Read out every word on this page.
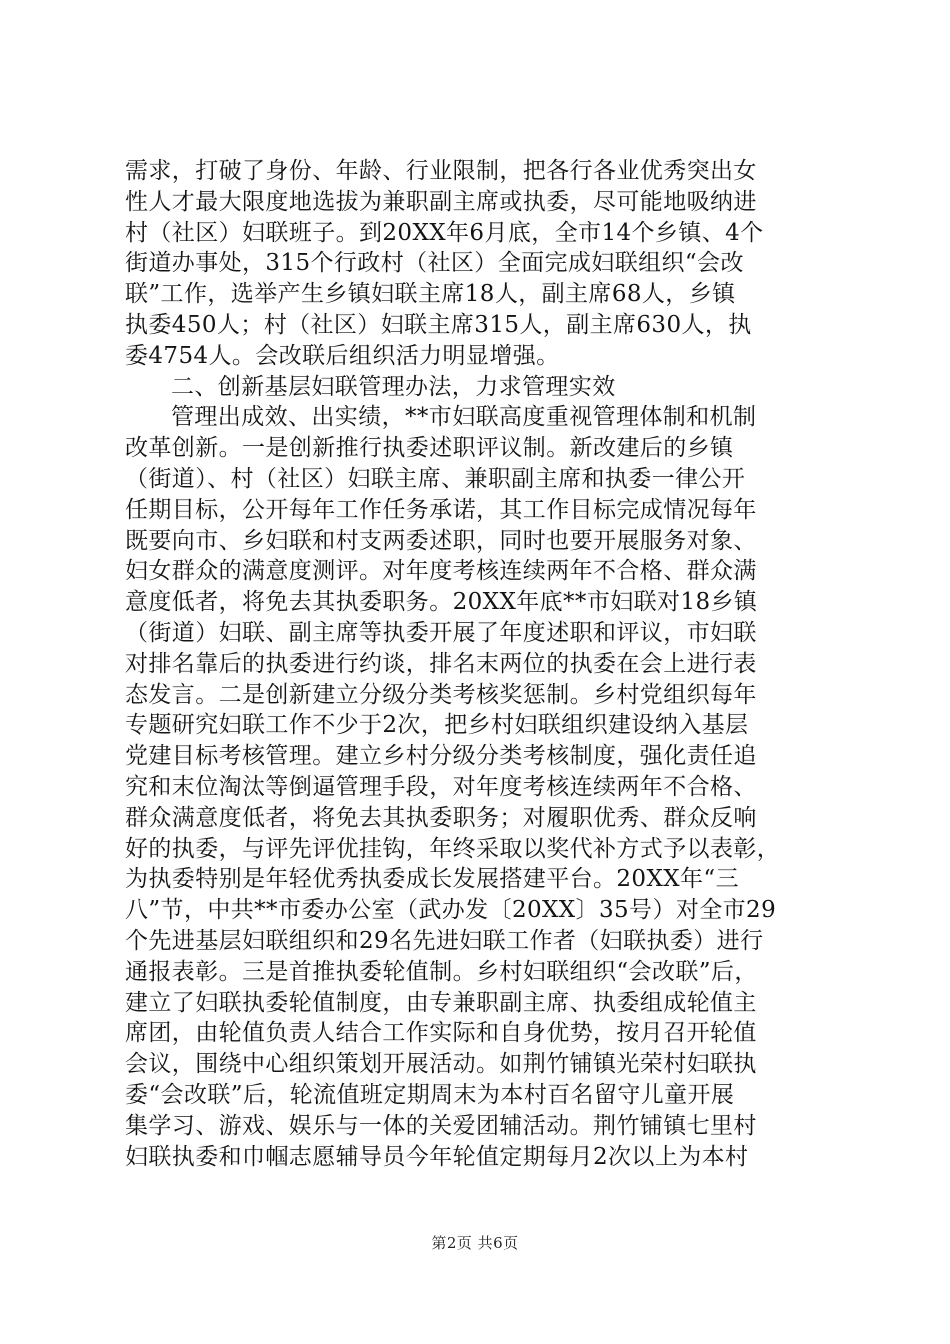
需求，打破了身份、年龄、行业限制，把各行各业优秀突出女
性人才最大限度地选拔为兼职副主席或执委，尽可能地吸纳进
村（社区）妇联班子。到20XX年6月底，全市14个乡镇、4个
街道办事处，315个行政村（社区）全面完成妇联组织“会改
联”工作，选举产生乡镇妇联主席18人，副主席68人，乡镇
执委450人；村（社区）妇联主席315人，副主席630人，执
委4754人。会改联后组织活力明显增强。
二、创新基层妇联管理办法，力求管理实效
管理出成效、出实绩，**市妇联高度重视管理体制和机制
改革创新。一是创新推行执委述职评议制。新改建后的乡镇
（街道）、村（社区）妇联主席、兼职副主席和执委一律公开
任期目标，公开每年工作任务承诺，其工作目标完成情况每年
既要向市、乡妇联和村支两委述职，同时也要开展服务对象、
妇女群众的满意度测评。对年度考核连续两年不合格、群众满
意度低者，将免去其执委职务。20XX年底**市妇联对18乡镇
（街道）妇联、副主席等执委开展了年度述职和评议，市妇联
对排名靠后的执委进行约谈，排名末两位的执委在会上进行表
态发言。二是创新建立分级分类考核奖惩制。乡村党组织每年
专题研究妇联工作不少于2次，把乡村妇联组织建设纳入基层
党建目标考核管理。建立乡村分级分类考核制度，强化责任追
究和末位淘汰等倒逼管理手段，对年度考核连续两年不合格、
群众满意度低者，将免去其执委职务；对履职优秀、群众反响
好的执委，与评先评优挂钩，年终采取以奖代补方式予以表彰，
为执委特别是年轻优秀执委成长发展搭建平台。20XX年“三
八”节，中共**市委办公室（武办发〔20XX〕35号）对全市29
个先进基层妇联组织和29名先进妇联工作者（妇联执委）进行
通报表彰。三是首推执委轮值制。乡村妇联组织“会改联”后，
建立了妇联执委轮值制度，由专兼职副主席、执委组成轮值主
席团，由轮值负责人结合工作实际和自身优势，按月召开轮值
会议，围绕中心组织策划开展活动。如荆竹铺镇光荣村妇联执
委“会改联”后，轮流值班定期周末为本村百名留守儿童开展
集学习、游戏、娱乐与一体的关爱团辅活动。荆竹铺镇七里村
妇联执委和巾帼志愿辅导员今年轮值定期每月2次以上为本村
第2页 共6页
